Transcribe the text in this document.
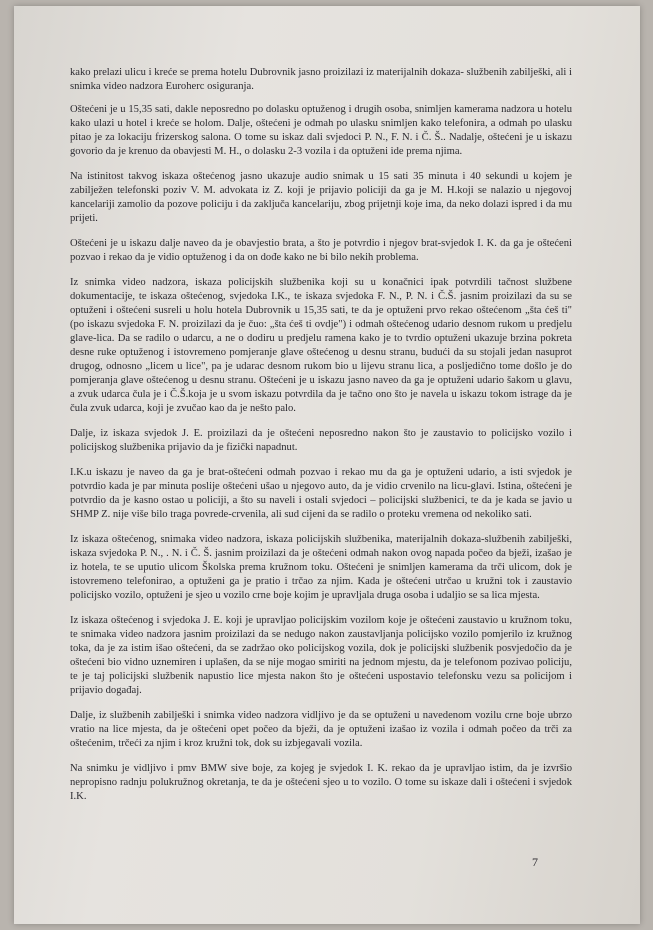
kako prelazi ulicu i kreće se prema hotelu Dubrovnik jasno proizilazi iz materijalnih dokaza- službenih zabilješki, ali i snimka video nadzora Euroherc osiguranja.

Oštećeni je u 15,35 sati, dakle neposredno po dolasku optuženog i drugih osoba, snimljen kamerama nadzora u hotelu kako ulazi u hotel i kreće se holom. Dalje, oštećeni je odmah po ulasku snimljen kako telefonira, a odmah po ulasku pitao je za lokaciju frizerskog salona. O tome su iskaz dali svjedoci P. N., F. N. i Č. Š.. Nadalje, oštećeni je u iskazu govorio da je krenuo da obavjesti M. H., o dolasku 2-3 vozila i da optuženi ide prema njima.

Na istinitost takvog iskaza oštećenog jasno ukazuje audio snimak u 15 sati 35 minuta i 40 sekundi u kojem je zabilježen telefonski poziv V. M. advokata iz Z. koji je prijavio policiji da ga je M. H.koji se nalazio u njegovoj kancelariji zamolio da pozove policiju i da zaključa kancelariju, zbog prijetnji koje ima, da neko dolazi ispred i da mu prijeti.

Oštećeni je u iskazu dalje naveo da je obavjestio brata, a što je potvrdio i njegov brat-svjedok I. K. da ga je oštećeni pozvao i rekao da je vidio optuženog i da on dođe kako ne bi bilo nekih problema.

Iz snimka video nadzora, iskaza policijskih službenika koji su u konačnici ipak potvrdili tačnost službene dokumentacije, te iskaza oštećenog, svjedoka I.K., te iskaza svjedoka F. N., P. N. i Č.Š. jasnim proizilazi da su se optuženi i oštećeni susreli u holu hotela Dubrovnik u 15,35 sati, te da je optuženi prvo rekao oštećenom „šta ćeš ti" (po iskazu svjedoka F. N. proizilazi da je čuo: „šta ćeš ti ovdje") i odmah oštećenog udario desnom rukom u predjelu glave-lica. Da se radilo o udarcu, a ne o dodiru u predjelu ramena kako je to tvrdio optuženi ukazuje brzina pokreta desne ruke optuženog i istovremeno pomjeranje glave oštećenog u desnu stranu, budući da su stojali jedan nasuprot drugog, odnosno „licem u lice", pa je udarac desnom rukom bio u lijevu stranu lica, a posljedično tome došlo je do pomjeranja glave oštećenog u desnu stranu. Oštećeni je u iskazu jasno naveo da ga je optuženi udario šakom u glavu, a zvuk udarca čula je i Č.Š.koja je u svom iskazu potvrdila da je tačno ono što je navela u iskazu tokom istrage da je čula zvuk udarca, koji je zvučao kao da je nešto palo.

Dalje, iz iskaza svjedok J. E. proizilazi da je oštećeni neposredno nakon što je zaustavio to policijsko vozilo i policijskog službenika prijavio da je fizički napadnut.

I.K.u iskazu je naveo da ga je brat-oštećeni odmah pozvao i rekao mu da ga je optuženi udario, a isti svjedok je potvrdio kada je par minuta poslije oštećeni ušao u njegovo auto, da je vidio crvenilo na licu-glavi. Istina, oštećeni je potvrdio da je kasno ostao u policiji, a što su naveli i ostali svjedoci – policijski službenici, te da je kada se javio u SHMP Z. nije više bilo traga povrede-crvenila, ali sud cijeni da se radilo o proteku vremena od nekoliko sati.

Iz iskaza oštećenog, snimaka video nadzora, iskaza policijskih službenika, materijalnih dokaza-službenih zabilješki, iskaza svjedoka P. N., . N. i Č. Š. jasnim proizilazi da je oštećeni odmah nakon ovog napada počeo da bježi, izašao je iz hotela, te se uputio ulicom Školska prema kružnom toku. Oštećeni je snimljen kamerama da trči ulicom, dok je istovremeno telefonirao, a optuženi ga je pratio i trčao za njim. Kada je oštećeni utrčao u kružni tok i zaustavio policijsko vozilo, optuženi je sjeo u vozilo crne boje kojim je upravljala druga osoba i udaljio se sa lica mjesta.

Iz iskaza oštećenog i svjedoka J. E. koji je upravljao policijskim vozilom koje je oštećeni zaustavio u kružnom toku, te snimaka video nadzora jasnim proizilazi da se nedugo nakon zaustavljanja policijsko vozilo pomjerilo iz kružnog toka, da je za istim išao oštećeni, da se zadržao oko policijskog vozila, dok je policijski službenik posvjedočio da je oštećeni bio vidno uznemiren i uplašen, da se nije mogao smiriti na jednom mjestu, da je telefonom pozivao policiju, te je taj policijski službenik napustio lice mjesta nakon što je oštećeni uspostavio telefonsku vezu sa policijom i prijavio događaj.

Dalje, iz službenih zabilješki i snimka video nadzora vidljivo je da se optuženi u navedenom vozilu crne boje ubrzo vratio na lice mjesta, da je oštećeni opet počeo da bježi, da je optuženi izašao iz vozila i odmah počeo da trči za oštećenim, trčeći za njim i kroz kružni tok, dok su izbjegavali vozila.

Na snimku je vidljivo i pmv BMW sive boje, za kojeg je svjedok I. K. rekao da je upravljao istim, da je izvršio nepropisno radnju polukružnog okretanja, te da je oštećeni sjeo u to vozilo. O tome su iskaze dali i oštećeni i svjedok I.K.

7
